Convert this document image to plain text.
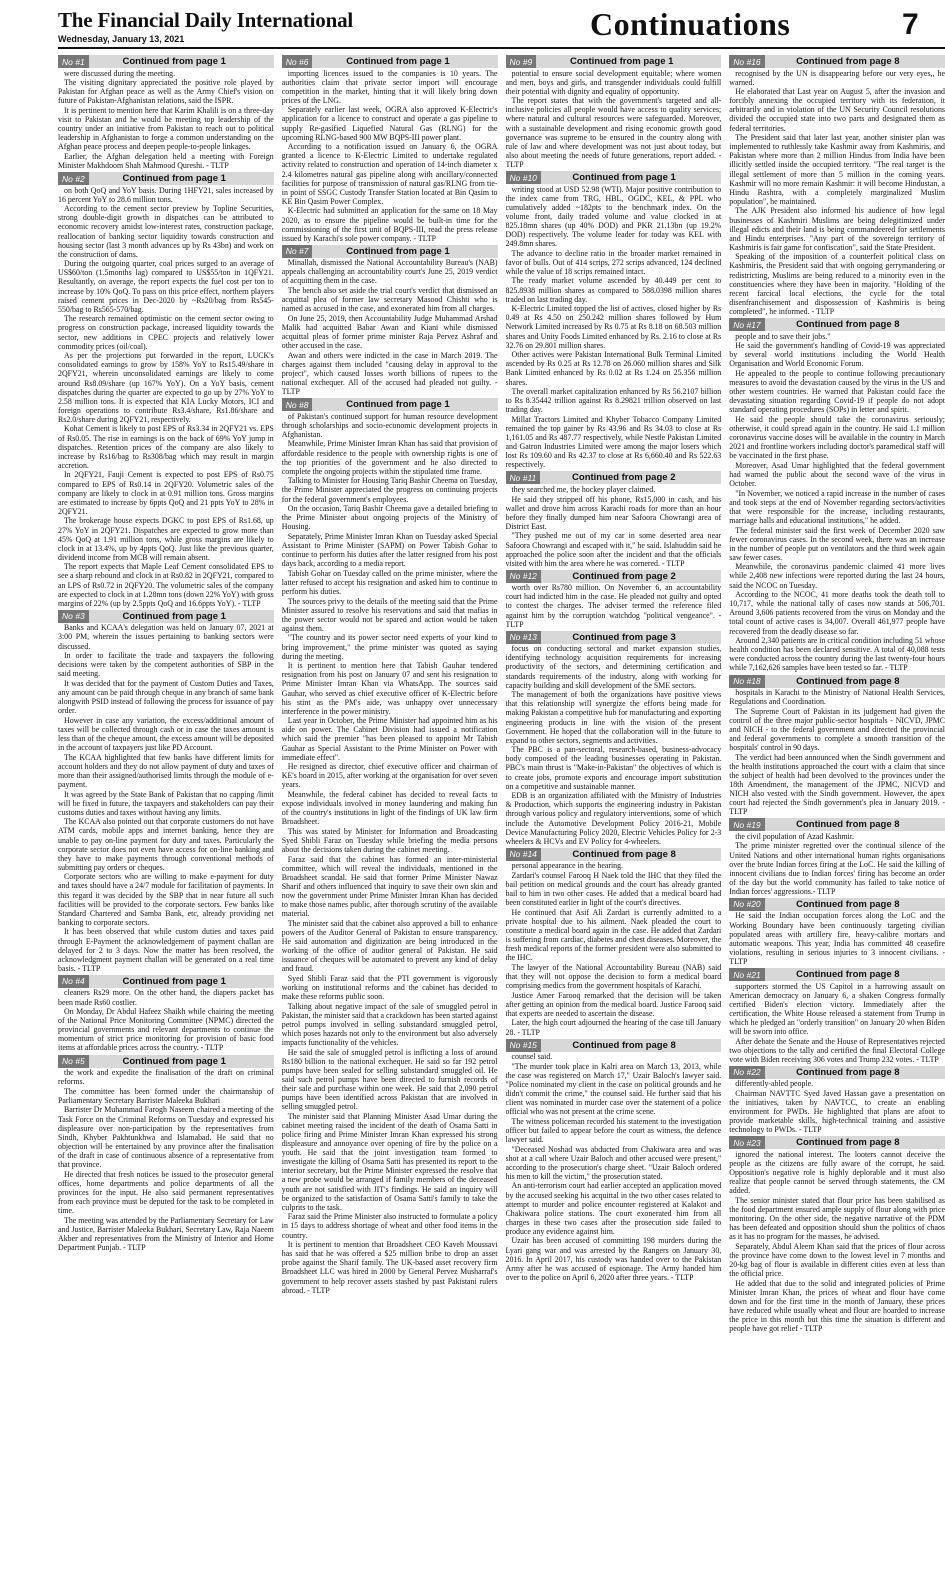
The Financial Daily International
Wednesday, January 13, 2021	Continuations	7
No #1	Continued from page 1

were discussed during the meeting.

The visiting dignitary appreciated the positive role played by Pakistan for Afghan peace as well as the Army Chief's vision on future of Pakistan-Afghanistan relations, said the ISPR.

It is pertinent to mention here that Karim Khalili is on a three-day visit to Pakistan and he would be meeting top leadership of the country under an initiative from Pakistan to reach out to political leadership in Afghanistan to forge a common understanding on the Afghan peace process and deepen people-to-people linkages.

Earlier, the Afghan delegation held a meeting with Foreign Minister Makhdoom Shah Mahmood Qureshi. - TLTP

No #2	Continued from page 1

on both QoQ and YoY basis. During 1HFY21, sales increased by 16 percent YoY to 28.6 million tons.

According to the cement sector preview by Topline Securities, strong double-digit growth in dispatches can be attributed to economic recovery amidst low-interest rates, construction package, reallocation of banking sector liquidity towards construction and housing sector (last 3 month advances up by Rs 43bn) and work on the construction of dams.

During the outgoing quarter, coal prices surged to an average of US$60/ton (1.5months lag) compared to US$55/ton in 1QFY21. Resultantly, on average, the report expects the fuel cost per ton to increase by 10% QoQ. To pass on this price effect, northern players raised cement prices in Dec-2020 by ~Rs20/bag from Rs545-550/bag to Rs565-570/bag.

The research remained optimistic on the cement sector owing to progress on construction package, increased liquidity towards the sector, new additions in CPEC projects and relatively lower commodity prices (oil/coal).

As per the projections put forwarded in the report, LUCK's consolidated earnings to grow by 158% YoY to Rs15.49/share in 2QFY21, wherein unconsolidated earnings are likely to come around Rs8.09/share (up 167% YoY). On a YoY basis, cement dispatches during the quarter are expected to go up by 27% YoY to 2.58 million tons. It is expected that KIA Lucky Motors, ICI and foreign operations to contribute Rs3.4/share, Rs1.86/share and Rs2.0/share during 2QFY21, respectively.

Kohat Cement is likely to post EPS of Rs3.34 in 2QFY21 vs. EPS of Rs0.05. The rise in earnings is on the back of 69% YoY jump in dispatches. Retention prices of the company are also likely to increase by Rs16/bag to Rs308/bag which may result in margin accretion.

In 2QFY21, Fauji Cement is expected to post EPS of Rs0.75 compared to EPS of Rs0.14 in 2QFY20. Volumetric sales of the company are likely to clock in at 0.91 million tons. Gross margins are estimated to increase by 6ppts QoQ and 21 ppts YoY to 28% in 2QFY21.

The brokerage house expects DGKC to post EPS of Rs1.68, up 27% YoY in 2QFY21. Dispatches are expected to grow more than 45% QoQ at 1.91 million tons, while gross margins are likely to clock in at 13.4%, up by 4ppts QoQ. Just like the previous quarter, dividend income from MCB will remain absent.

The report expects that Maple Leaf Cement consolidated EPS to see a sharp rebound and clock in at Rs0.82 in 2QFY21, compared to an LPS of Rs0.72 in 2QFY20. The volumetric sales of the company are expected to clock in at 1.28mn tons (down 22% YoY) with gross margins of 22% (up by 2.5ppts QoQ and 16.6ppts YoY). - TLTP

No #3	Continued from page 1

Banks and KCAA's delegation was held on January 07, 2021 at 3:00 PM, wherein the issues pertaining to banking sectors were discussed.

In order to facilitate the trade and taxpayers the following decisions were taken by the competent authorities of SBP in the said meeting.

It was decided that for the payment of Custom Duties and Taxes, any amount can be paid through cheque in any branch of same bank alongwith PSID instead of following the process for issuance of pay order.

However in case any variation, the excess/additional amount of taxes will be collected through cash or in case the taxes amount is less than of the cheque amount, the excess amount will be deposited in the account of taxpayers just like PD Account.

The KCAA highlighted that few banks have different limits for account holders and they do not allow payment of duty and taxes of more than their assigned/authorised limits through the module of e-payment.

It was agreed by the State Bank of Pakistan that no capping /limit will be fixed in future, the taxpayers and stakeholders can pay their customs duties and taxes without having any limits.

The KCAA also pointed out that corporate customers do not have ATM cards, mobile apps and internet banking, hence they are unable to pay on-line payment for duty and taxes. Particularly the corporate sector does not even have access for on-line banking and they have to make payments through conventional methods of submitting pay orders or cheques.

Corporate sectors who are willing to make e-payment for duty and taxes should have a 24/7 module for facilitation of payments. In this regard it was decided by the SBP that in near future all such facilities will be provided to the corporate sectors. Few banks like Standard Chartered and Samba Bank, etc, already providing net banking to corporate sectors.

It has been observed that while custom duties and taxes paid through E-Payment the acknowledgement of payment challan are delayed for 2 to 3 days. Now the matter has been resolved, the acknowledgment payment challan will be generated on a real time basis. - TLTP

No #4	Continued from page 1

cleaners Rs29 more. On the other hand, the diapers packet has been made Rs60 costlier.

On Monday, Dr Abdul Hafeez Shaikh while chairing the meeting of the National Price Monitoring Committee (NPMC) directed the provincial governments and relevant departments to continue the momentum of strict price monitoring for provision of basic food items at affordable prices across the country. - TLTP

No #5	Continued from page 1

the work and expedite the finalisation of the draft on criminal reforms.

The committee has been formed under the chairmanship of Parliamentary Secretary Barrister Maleeka Bukhari

Barrister Dr Muhammad Farogh Naseem chaired a meeting of the Task Force on the Criminal Reforms on Tuesday and expressed his displeasure over non-participation by the representatives from Sindh, Khyber Pakhtunkhwa and Islamabad. He said that no objection will be entertained by any province after the finalisation of the draft in case of continuous absence of a representative from that province.

He directed that fresh notices be issued to the prosecutor general offices, home departments and police departments of all the provinces for the input. He also said permanent representatives from each province must be deputed for the task to be completed in time.

The meeting was attended by the Parliamentary Secretary for Law and Justice, Barrister Maleeka Bukhari, Secretary Law, Raja Naeem Akber and representatives from the Ministry of Interior and Home Department Punjab. - TLTP

No #6	Continued from page 1

importing licences issued to the companies is 10 years. The authorities claim that private sector import will encourage competition in the market, hinting that it will likely bring down prices of the LNG.

Separately earlier last week, OGRA also approved K-Electric's application for a licence to construct and operate a gas pipeline to supply Re-gasified Liquefied Natural Gas (RLNG) for the upcoming RLNG-based 900 MW BQPS-III power plant.

According to a notification issued on January 6, the OGRA granted a licence to K-Electric Limited to undertake regulated activity related to construction and operation of 14-inch diameter x 2.4 kilometres natural gas pipeline along with ancillary/connected facilities for purpose of transmission of natural gas/RLNG from tie-in point of SSGC Custody Transfer Station located at Bin Qasim to KE Bin Qasim Power Complex.

K-Electric had submitted an application for the same on 18 May 2020, as to ensure the pipeline would be built-in time for the commissioning of the first unit of BQPS-III, read the press release issued by Karachi's sole power company. - TLTP

No #7	Continued from page 1

Minallah, dismissed the National Accountability Bureau's (NAB) appeals challenging an accountability court's June 25, 2019 verdict of acquitting them in the case.

The bench also set aside the trial court's verdict that dismissed an acquittal plea of former law secretary Masood Chishti who is named as accused in the case, and exonerated him from all charges.

On June 25, 2019, then Accountability Judge Muhammad Arshad Malik had acquitted Babar Awan and Kiani while dismissed acquittal pleas of former prime minister Raja Pervez Ashraf and other accused in the case.

Awan and others were indicted in the case in March 2019. The charges against them included "causing delay in approval to the project", which caused losses worth billions of rupees to the national exchequer. All of the accused had pleaded not guilty. - TLTP

No #8	Continued from page 1

of Pakistan's continued support for human resource development through scholarships and socio-economic development projects in Afghanistan.

Meanwhile, Prime Minister Imran Khan has said that provision of affordable residence to the people with ownership rights is one of the top priorities of the government and he also directed to complete the ongoing projects within the stipulated time frame.

Talking to Minister for Housing Tariq Bashir Cheema on Tuesday, the Prime Minister appreciated the progress on continuing projects for the federal government's employees.

On the occasion, Tariq Bashir Cheema gave a detailed briefing to the Prime Minister about ongoing projects of the Ministry of Housing.

Separately, Prime Minister Imran Khan on Tuesday asked Special Assistant to Prime Minister (SAPM) on Power Tabish Gohar to continue to perform his duties after the latter resigned from his post days back, according to a media report.

Tabish Gohar on Tuesday called on the prime minister, where the latter refused to accept his resignation and asked him to continue to perform his duties.

The sources privy to the details of the meeting said that the Prime Minister assured to resolve his reservations and said that mafias in the power sector would not be spared and action would be taken against them.

"The country and its power sector need experts of your kind to bring improvement," the prime minister was quoted as saying during the meeting.

It is pertinent to mention here that Tabish Gauhar tendered resignation from his post on January 07 and sent his resignation to Prime Minister Imran Khan via WhatsApp. The sources said Gauhar, who served as chief executive officer of K-Electric before his stint as the PM's aide, was unhappy over unnecessary interference in the power ministry.

Last year in October, the Prime Minister had appointed him as his aide on power. The Cabinet Division had issued a notification which said the premier "has been pleased to appoint Mr Tabish Gauhar as Special Assistant to the Prime Minister on Power with immediate effect".

He resigned as director, chief executive officer and chairman of KE's board in 2015, after working at the organisation for over seven years.

Meanwhile, the federal cabinet has decided to reveal facts to expose individuals involved in money laundering and making fun of the country's institutions in light of the findings of UK law firm Broadsheet.

This was stated by Minister for Information and Broadcasting Syed Shibli Faraz on Tuesday while briefing the media persons about the decisions taken during the cabinet meeting.

Faraz said that the cabinet has formed an inter-ministerial committee, which will reveal the individuals, mentioned in the Broadsheet scandal. He said that former Prime Minister Nawaz Sharif and others influenced that inquiry to save their own skin and now the government under Prime Minister Imran Khan has decided to make those names public, after thorough scrutiny of the available material.

The minister said that the cabinet also approved a bill to enhance powers of the Auditor General of Pakistan to ensure transparency. He said automation and digitization are being introduced in the working of the office of auditor general of Pakistan. He said issuance of cheques will be automated to prevent any kind of delay and fraud.

Syed Shibli Faraz said that the PTI government is vigorously working on institutional reforms and the cabinet has decided to make these reforms public soon.

Talking about negative impact of the sale of smuggled petrol in Pakistan, the minister said that a crackdown has been started against petrol pumps involved in selling substandard smuggled petrol, which poses hazards not only to the environment but also adversely impacts functionality of the vehicles.

He said the sale of smuggled petrol is inflicting a loss of around Rs180 billion to the national exchequer. He said so far 192 petrol pumps have been sealed for selling substandard smuggled oil. He said such petrol pumps have been directed to furnish records of their sale and purchase within one week. He said that 2,090 petrol pumps have been identified across Pakistan that are involved in selling smuggled petrol.

The minister said that Planning Minister Asad Umar during the cabinet meeting raised the incident of the death of Osama Satti in police firing and Prime Minister Imran Khan expressed his strong displeasure and annoyance over opening of fire by the police on a youth. He said that the joint investigation team formed to investigate the killing of Osama Satti has presented its report to the interior secretary, but the Prime Minister expressed the resolve that a new probe would be arranged if family members of the deceased youth are not satisfied with JIT's findings. He said an inquiry will be organized to the satisfaction of Osama Satti's family to take the culprits to the task.

Faraz said the Prime Minister also instructed to formulate a policy in 15 days to address shortage of wheat and other food items in the country.

It is pertinent to mention that Broadsheet CEO Kaveh Moussavi has said that he was offered a $25 million bribe to drop an asset probe against the Sharif family. The UK-based asset recovery firm Broadsheet LLC was hired in 2000 by General Pervez Musharraf's government to help recover assets stashed by past Pakistani rulers abroad. - TLTP

No #9	Continued from page 1

potential to ensure social development equitable; where women and men, boys and girls, and transgender individuals could fulfill their potential with dignity and equality of opportunity.

The report states that with the government's targeted and all-inclusive policies all people would have access to quality services; where natural and cultural resources were safeguarded. Moreover, with a sustainable development and rising economic growth good governance was supreme to be ensured in the country along with rule of law and where development was not just about today, but also about meeting the needs of future generations, report added. - TLTP

No #10	Continued from page 1

writing stood at USD 52.98 (WTI). Major positive contribution to the index came from TRG, HBL, OGDC, KEL, & PPL who cumulatively added ~182pts to the benchmark index. On the volume front, daily traded volume and value clocked in at 825.18mn shares (up 40% DOD) and PKR 21.13bn (up 19.2% DOD) respectively. The volume leader for today was KEL with 249.8mn shares.

The advance to decline ratio in the broader market remained in favor of bulls. Out of 414 scrips, 272 scrips advanced, 124 declined while the value of 18 scrips remained intact.

The ready market volume ascended by 40.449 per cent to 825.8938 million shares as compared to 588.0398 million shares traded on last trading day.

K-Electric Limited topped the list of actives, closed higher by Rs 0.49 at Rs 4.50 on 250.242 million shares followed by Hum Network Limited increased by Rs 0.75 at Rs 8.18 on 68.503 million shares and Unity Foods Limited enhanced by Rs. 2.16 to close at Rs 32.76 on 29.801 million shares.

Other actives were Pakistan International Bulk Terminal Limited ascended by Rs 0.25 at Rs 12.78 on 26.060 million shares and Silk Bank Limited enhanced by Rs 0.02 at Rs 1.24 on 25.356 million shares.

The overall market capitalization enhanced by Rs 56.2107 billion to Rs 8.35442 trillion against Rs 8.29821 trillion observed on last trading day.

Millat Tractors Limited and Khyber Tobacco Company Limited remained the top gainer by Rs 43.96 and Rs 34.03 to close at Rs 1,161.05 and Rs 487.77 respectively, while Nestle Pakistan Limited and Gatron Industries Limited were among the major losers which lost Rs 109.60 and Rs 42.37 to close at Rs 6,660.40 and Rs 522.63 respectively.

No #11	Continued from page 2

they searched me, the hockey player claimed.

He said they stripped off his phone, Rs15,000 in cash, and his wallet and drove him across Karachi roads for more than an hour before they finally dumped him near Safoora Chowrangi area of District East.

"They pushed me out of my car in some deserted area near Safoora Chowrangi and escaped with it," he said. Islahuddin said he approached the police soon after the incident and that the officials visited with him the area where he was cornered. - TLTP

No #12	Continued from page 2

worth over Rs780 million. On November 6, an accountability court had indicted him in the case. He pleaded not guilty and opted to contest the charges. The adviser termed the reference filed against him by the corruption watchdog "political vengeance". - TLTP

No #13	Continued from page 3

focus on conducting sectoral and market expansion studies, identifying technology acquisition requirements for increasing productivity of the sectors, and determining certification and standards requirements of the industry, along with working for capacity building and skill development of the SME sectors.

The management of both the organizations have positive views that this relationship will synergize the efforts being made for making Pakistan a competitive hub for manufacturing and exporting engineering products in line with the vision of the present Government. He hoped that the collaboration will in the future to expand to other sectors, segments and activities.

The PBC is a pan-sectoral, research-based, business-advocacy body composed of the leading businesses operating in Pakistan. PBC's main thrust is "Make-in-Pakistan" the objectives of which is to create jobs, promote exports and encourage import substitution on a competitive and sustainable manner.

EDB is an organization affiliated with the Ministry of Industries & Production, which supports the engineering industry in Pakistan through various policy and regulatory interventions, some of which include the Automotive Development Policy 2016-21, Mobile Device Manufacturing Policy 2020, Electric Vehicles Policy for 2-3 wheelers & HCVs and EV Policy for 4-wheelers.

No #14	Continued from page 8

personal appearance in the hearing.

Zardari's counsel Farooq H Naek told the IHC that they filed the bail petition on medical grounds and the court has already granted bail to him in two other cases. He added that a medical board had been constituted earlier in light of the court's directives.

He continued that Asif Ali Zardari is currently admitted to a private hospital due to his ailment. Naek pleaded the court to constitute a medical board again in the case. He added that Zardari is suffering from cardiac, diabetes and chest diseases. Moreover, the fresh medical reports of the former president were also submitted to the IHC.

The lawyer of the National Accountability Bureau (NAB) said that they will not oppose the decision to form a medical board comprising medics from the government hospitals of Karachi.

Justice Amer Farooq remarked that the decision will be taken after getting an opinion from the medical board. Justice Farooq said that experts are needed to ascertain the disease.

Later, the high court adjourned the hearing of the case till January 28. - TLTP

No #15	Continued from page 8

counsel said.

"The murder took place in Kalri area on March 13, 2013, while the case was registered on March 17," Uzair Baloch's lawyer said. "Police nominated my client in the case on political grounds and he didn't commit the crime," the counsel said. He further said that his client was nominated in murder case over the statement of a police official who was not present at the crime scene.

The witness policeman recorded his statement to the investigation officer but failed to appear before the court as witness, the defence lawyer said.

"Deceased Noshad was abducted from Chakiwara area and was shot at a call where Uzair Baloch and other accused were present," according to the prosecution's charge sheet. "Uzair Baloch ordered his men to kill the victim," the prosecution stated.

An anti-terrorism court had earlier accepted an application moved by the accused seeking his acquittal in the two other cases related to attempt to murder and police encounter registered at Kalakot and Chakiwara police stations. The court exonerated him from all charges in these two cases after the prosecution side failed to produce any evidence against him.

Uzair has been accused of committing 198 murders during the Lyari gang war and was arrested by the Rangers on January 30, 2016. In April 2017, his custody was handed over to the Pakistan Army after he was accused of espionage. The Army handed him over to the police on April 6, 2020 after three years. - TLTP

No #16	Continued from page 8

recognised by the UN is disappearing before our very eyes,, he warned.

He elaborated that Last year on August 5, after the invasion and forcibly annexing the occupied territory with its federation, it arbitrarily and in violation of the UN Security Council resolutions divided the occupied state into two parts and designated them as federal territories.

The President said that later last year, another sinister plan was implemented to ruthlessly take Kashmir away from Kashmiris, and Pakistan where more than 2 million Hindus from India have been illicitly settled inside the occupied territory. "The real target is the illegal settlement of more than 5 million in the coming years. Kashmir will no more remain Kashmir: it will become Hindustan, a Hindu Rashtra, with a completely marginalized Muslim population", he maintained.

The AJK President also informed his audience of how legal businesses of Kashmiri Muslims are being delegitimized under illegal edicts and their land is being commandeered for settlements and Hindu enterprises. "Any part of the sovereign territory of Kashmiris is fair game for confiscation", said the State President.

Speaking of the imposition of a counterfeit political class on Kashmiris, the President said that with ongoing gerrymandering or redistricting, Muslims are being reduced to a minority even in the constituencies where they have been in majority. "Holding of the recent farcical local elections, the cycle for the total disenfranchisement and dispossession of Kashmiris is being completed", he informed. - TLTP

No #17	Continued from page 8

people and to save their jobs."

He said the government's handling of Covid-19 was appreciated by several world institutions including the World Health Organisation and World Economic Forum.

He appealed to the people to continue following precautionary measures to avoid the devastation caused by the virus in the US and other western countries. He warned that Pakistan could face the devastating situation regarding Covid-19 if people do not adopt standard operating procedures (SOPs) in letter and spirit.

He said the people should take the coronavirus seriously; otherwise, it could spread again in the country. He said 1.1 million coronavirus vaccine doses will be available in the country in March 2021 and frontline workers including doctor's paramedical staff will be vaccinated in the first phase.

Moreover, Asad Umar highlighted that the federal government had warned the public about the second wave of the virus in October.

"In November, we noticed a rapid increase in the number of cases and took steps at the end of November regarding sectors/activities that were responsible for the increase, including restaurants, marriage halls and educational institutions," he added.

The federal minister said the first week of December 2020 saw fewer coronavirus cases. In the second week, there was an increase in the number of people put on ventilators and the third week again saw fewer cases.

Meanwhile, the coronavirus pandemic claimed 41 more lives while 2,408 new infections were reported during the last 24 hours, said the NCOC on Tuesday.

According to the NCOC, 41 more deaths took the death toll to 10,717, while the national tally of cases now stands at 506,701. Around 3,606 patients recovered from the virus on Monday and the total count of active cases is 34,007. Overall 461,977 people have recovered from the deadly disease so far.

Around 2,340 patients are in critical condition including 51 whose health condition has been declared sensitive. A total of 40,088 tests were conducted across the country during the last twenty-four hours while 7,162,626 samples have been tested so far. - TLTP

No #18	Continued from page 8

hospitals in Karachi to the Ministry of National Health Services, Regulations and Coordination.

The Supreme Court of Pakistan in its judgement had given the control of the three major public-sector hospitals - NICVD, JPMC and NICH - to the federal government and directed the provincial and federal governments to complete a smooth transition of the hospitals' control in 90 days.

The verdict had been announced when the Sindh government and the health institutions approached the court with a claim that since the subject of health had been devolved to the provinces under the 18th Amendment, the management of the JPMC, NICVD and NICH also vested with the Sindh government. However, the apex court had rejected the Sindh government's plea in January 2019. - TLTP

No #19	Continued from page 8

the civil population of Azad Kashmir.

The prime minister regretted over the continual silence of the United Nations and other international human rights organisations over the brute Indian forces firing at the LoC. He said the killing of innocent civilians due to Indian forces' firing has become an order of the day but the world community has failed to take notice of Indian forces' aggressions.- TLTP

No #20	Continued from page 8

He said the Indian occupation forces along the LoC and the Working Boundary have been continuously targeting civilian populated areas with artillery fire, heavy-calibre mortars and automatic weapons. This year, India has committed 48 ceasefire violations, resulting in serious injuries to 3 innocent civilians. - TLTP

No #21	Continued from page 8

supporters stormed the US Capitol in a harrowing assault on American democracy on January 6, a shaken Congress formally certified Biden's election victory. Immediately after the certification, the White House released a statement from Trump in which he pledged an "orderly transition" on January 20 when Biden will be sworn into office.

After debate the Senate and the House of Representatives rejected two objections to the tally and certified the final Electoral College vote with Biden receiving 306 votes and Trump 232 votes. - TLTP

No #22	Continued from page 8

differently-abled people.

Chairman NAVTTC Syed Javed Hassan gave a presentation on the initiatives, taken by NAVTCC, to create an enabling environment for PWDs. He highlighted that plans are afoot to provide marketable skills, high-technical training and assistive technology to PWDs. - TLTP

No #23	Continued from page 8

ignored the national interest. The looters cannot deceive the people as the citizens are fully aware of the corrupt, he said. Opposition's negative role is highly deplorable and it must also realize that people cannot be served through statements, the CM added.

The senior minister stated that flour price has been stabilised as the food department ensured ample supply of flour along with price monitoring. On the other side, the negative narrative of the PDM has been defeated and opposition should shun the politics of chaos as it has no program for the masses, he advised.

Separately, Abdul Aleem Khan said that the prices of flour across the province have come down to the lowest level in 7 months and 20-kg bag of flour is available in different cities even at less than the official price.

He added that due to the solid and integrated policies of Prime Minister Imran Khan, the prices of wheat and flour have come down and for the first time in the month of January, these prices have reduced while usually wheat and flour are hoarded to increase the price in this month but this time the situation is different and people have got relief - TLTP
